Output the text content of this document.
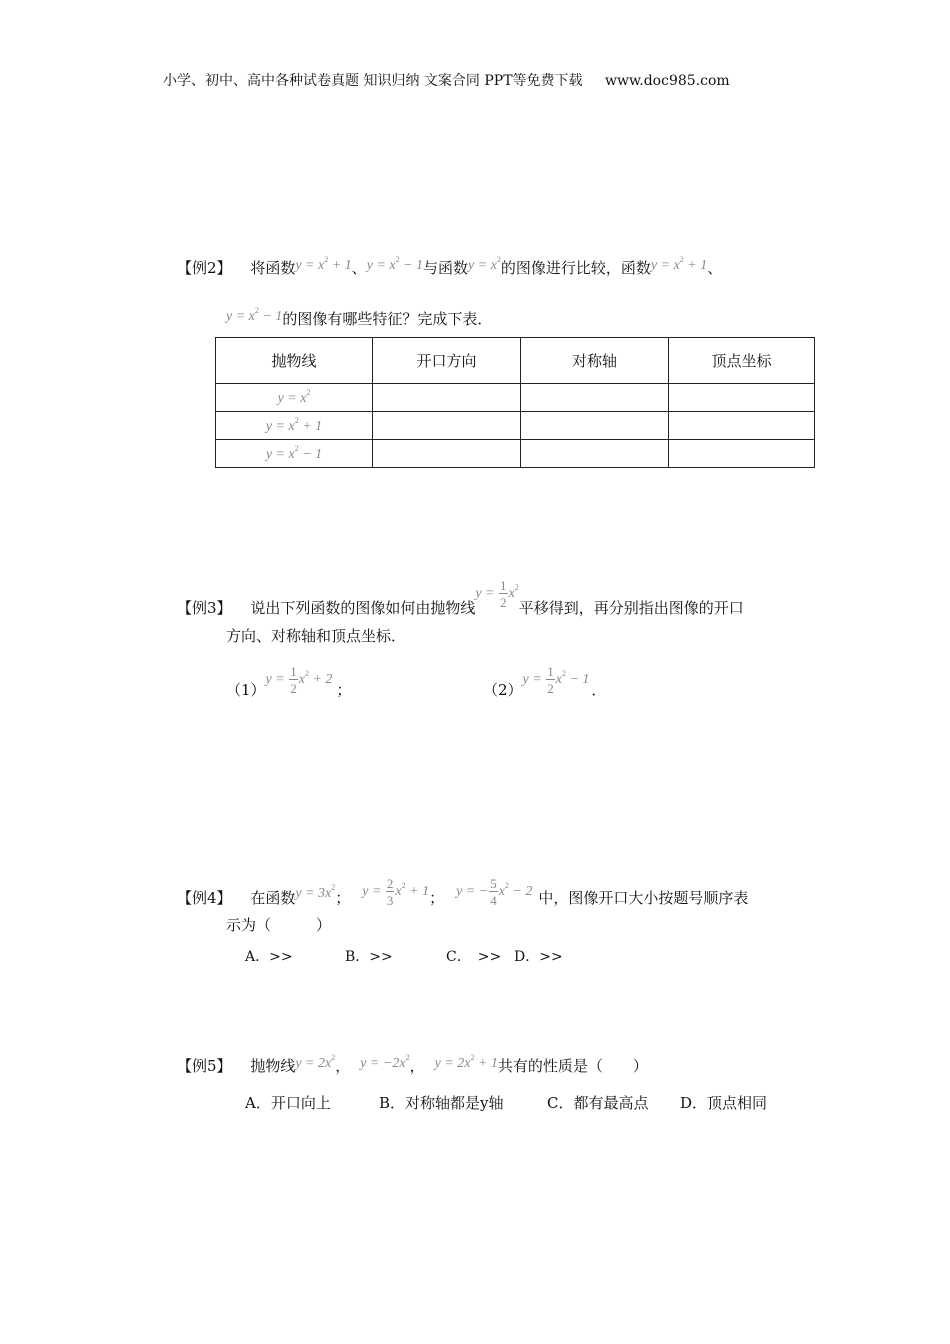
小学、初中、高中各种试卷真题 知识归纳 文案合同 PPT等免费下载 www.doc985.com
【例2】 将函数$y = x^2 + 1$、$y = x^2 - 1$与函数$y = x^2$的图像进行比较，函数$y = x^2 + 1$、
$y = x^2 - 1$的图像有哪些特征？完成下表．
抛物线	开口方向	对称轴	顶点坐标
$y = x^2$			
$y = x^2 + 1$			
$y = x^2 - 1$			
【例3】 说出下列函数的图像如何由抛物线$y = \frac{1}{2} x^2$平移得到，再分别指出图像的开口
方向、对称轴和顶点坐标．
$(1)y = \frac{1}{2} x^2 + 2$；	$(2)y = \frac{1}{2} x^2 - 1$．
【例4】 在函数$y = 3x^2$； $y = \frac{2}{3} x^2 + 1$； y = − $\frac{5}{4} x^2 - 2$ 中，图像开口大小按题号顺序表
示为（　　　）
A．>>	B．>>	C．　>> D．>>
【例5】 抛物线$y = 2x^2$， $y = -2x^2$， $y = 2x^2 + 1$共有的性质是（　　）
A．开口向上	B．对称轴都是y轴	C．都有最高点 D．顶点相同
